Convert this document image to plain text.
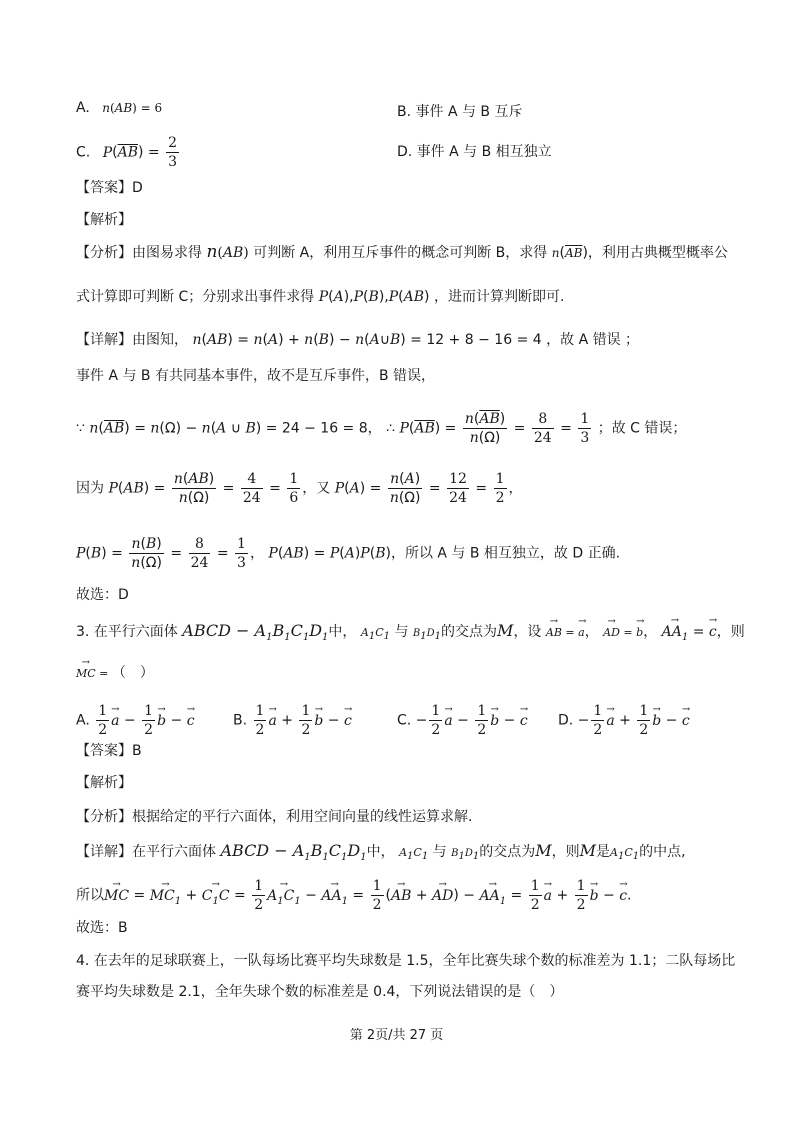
A. n(AB) = 6	B. 事件 A 与 B 互斥
C. $P(\overline{AB}) = \frac{2}{3}$	D. 事件 A 与 B 相互独立
【答案】D
【解析】
【分析】由图易求得 n(AB) 可判断 A，利用互斥事件的概念可判断 B，求得 $n(\overline{AB})$，利用古典概型概率公
式计算即可判断 C；分别求出事件求得 P(A),P(B),P(AB) ，进而计算判断即可.
【详解】由图知， n(AB) = n(A) + n(B) − n(A∪B) = 12 + 8 − 16 = 4 ，故 A 错误 ；
事件 A 与 B 有共同基本事件，故不是互斥事件，B 错误，
∵ $n(\overline{AB}) = n(\Omega) - n(A$ ∪ B) = 24 − 16 = 8， ∴ $P(\overline{AB}) = \frac{n(\overline{AB})}{n(\Omega)} = \frac{8}{24} = \frac{1}{3}$ ；故 C 错误；
因为 $P(AB) = \frac{n(AB)}{n(\Omega)} = \frac{4}{24} = \frac{1}{6}$ ，又 $P(A) = \frac{n(A)}{n(\Omega)} = \frac{12}{24} = \frac{1}{2}$ ，
$P(B) = \frac{n(B)}{n(\Omega)} = \frac{8}{24} = \frac{1}{3}$ ， P(AB) = P(A)P(B)，所以 A 与 B 相互独立，故 D 正确.
故选：D
3. 在平行六面体 ABCD − $A_1B_1C_1D_1$中， $A_1C_1$ 与 $B_1D_1$的交点为M，设 → AB = → a， → AD = → b， → $AA_1$ = → c，则
→ MC = （　）
A. $\frac{1}{2} \to a - \frac{1}{2} \to b$ − → c	B. $\frac{1}{2} \to a + \frac{1}{2} \to b$ − → c	C. − $\frac{1}{2} \to a - \frac{1}{2} \to b$ − → c D. − $\frac{1}{2} \to a + \frac{1}{2} \to b$ − → c
【答案】B
【解析】
【分析】根据给定的平行六面体，利用空间向量的线性运算求解.
【详解】在平行六面体 ABCD − $A_1B_1C_1D_1$中， $A_1C_1$ 与 $B_1D_1$的交点为M，则M是$A_1C_1$的中点,
所以→ MC = → $MC_1$ + → $C_1C = \frac{1}{2} \to A_1C_1$ − → $AA_1 = \frac{1}{2}$ (→ AB + → AD) − → $AA_1 = \frac{1}{2} \to a + \frac{1}{2} \to b$ − → c.
故选：B
4. 在去年的足球联赛上，一队每场比赛平均失球数是 1.5，全年比赛失球个数的标准差为 1.1；二队每场比
赛平均失球数是 2.1，全年失球个数的标准差是 0.4，下列说法错误的是（　）
第 2页/共 27 页
